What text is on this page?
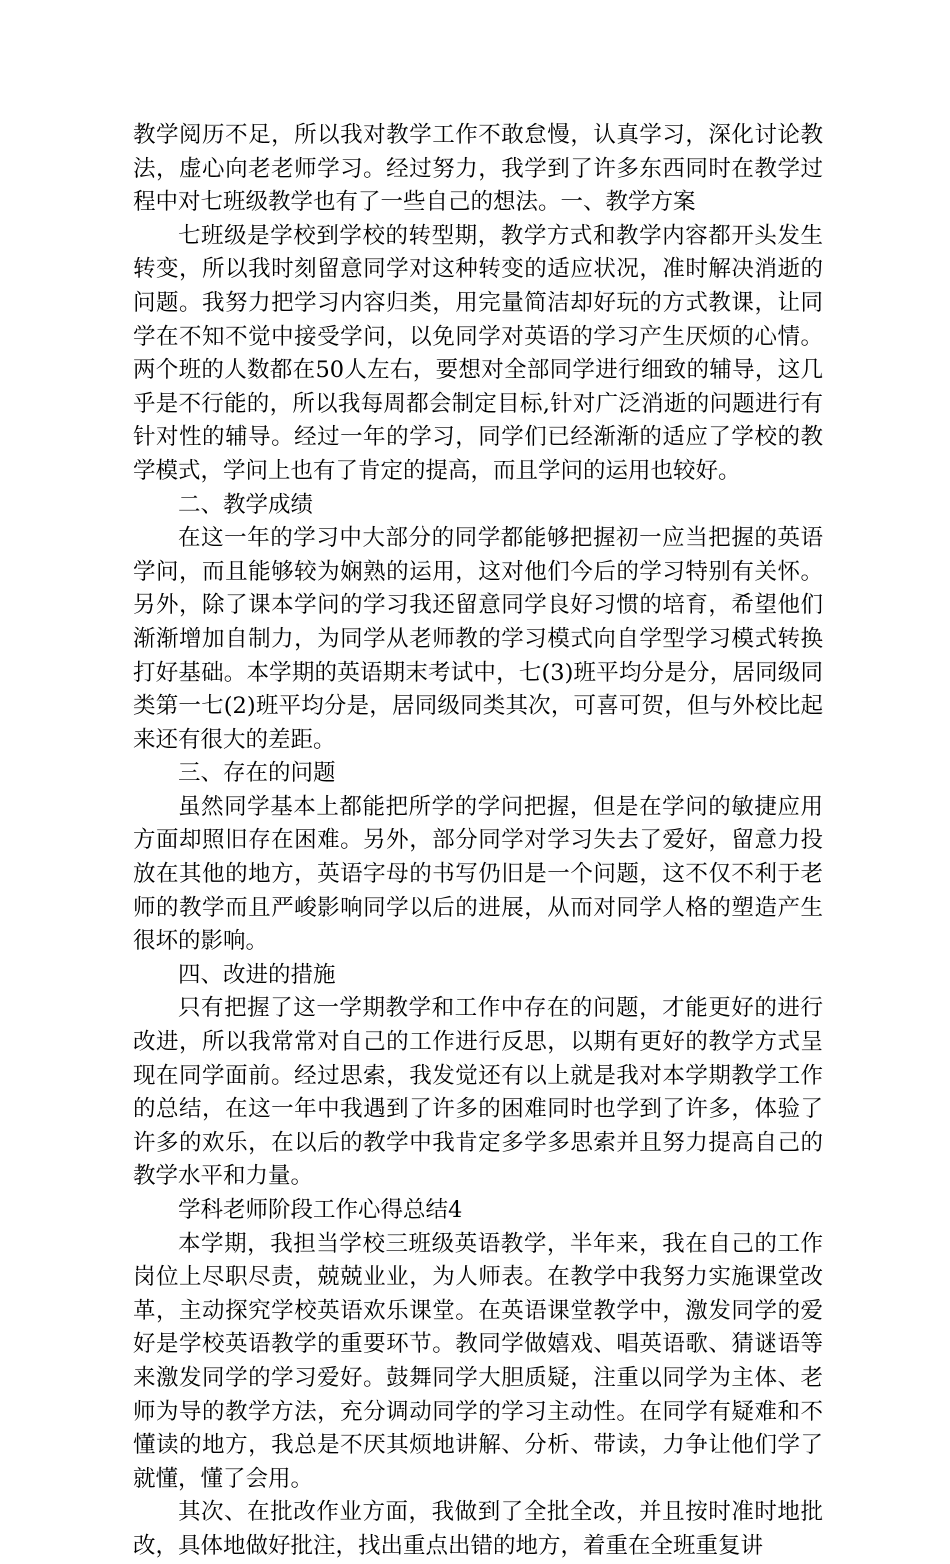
教学阅历不足，所以我对教学工作不敢怠慢，认真学习，深化讨论教法，虚心向老老师学习。经过努力，我学到了许多东西同时在教学过程中对七班级教学也有了一些自己的想法。一、教学方案

七班级是学校到学校的转型期，教学方式和教学内容都开头发生转变，所以我时刻留意同学对这种转变的适应状况，准时解决消逝的问题。我努力把学习内容归类，用完量简洁却好玩的方式教课，让同学在不知不觉中接受学问，以免同学对英语的学习产生厌烦的心情。两个班的人数都在50人左右，要想对全部同学进行细致的辅导，这几乎是不行能的，所以我每周都会制定目标,针对广泛消逝的问题进行有针对性的辅导。经过一年的学习，同学们已经渐渐的适应了学校的教学模式，学问上也有了肯定的提高，而且学问的运用也较好。

二、教学成绩

在这一年的学习中大部分的同学都能够把握初一应当把握的英语学问，而且能够较为娴熟的运用，这对他们今后的学习特别有关怀。另外，除了课本学问的学习我还留意同学良好习惯的培育，希望他们渐渐增加自制力，为同学从老师教的学习模式向自学型学习模式转换打好基础。本学期的英语期末考试中，七(3)班平均分是分，居同级同类第一七(2)班平均分是，居同级同类其次，可喜可贺，但与外校比起来还有很大的差距。

三、存在的问题

虽然同学基本上都能把所学的学问把握，但是在学问的敏捷应用方面却照旧存在困难。另外，部分同学对学习失去了爱好，留意力投放在其他的地方，英语字母的书写仍旧是一个问题，这不仅不利于老师的教学而且严峻影响同学以后的进展，从而对同学人格的塑造产生很坏的影响。

四、改进的措施

只有把握了这一学期教学和工作中存在的问题，才能更好的进行改进，所以我常常对自己的工作进行反思，以期有更好的教学方式呈现在同学面前。经过思索，我发觉还有以上就是我对本学期教学工作的总结，在这一年中我遇到了许多的困难同时也学到了许多，体验了许多的欢乐，在以后的教学中我肯定多学多思索并且努力提高自己的教学水平和力量。

学科老师阶段工作心得总结4

本学期，我担当学校三班级英语教学，半年来，我在自己的工作岗位上尽职尽责，兢兢业业，为人师表。在教学中我努力实施课堂改革，主动探究学校英语欢乐课堂。在英语课堂教学中，激发同学的爱好是学校英语教学的重要环节。教同学做嬉戏、唱英语歌、猜谜语等来激发同学的学习爱好。鼓舞同学大胆质疑，注重以同学为主体、老师为导的教学方法，充分调动同学的学习主动性。在同学有疑难和不懂读的地方，我总是不厌其烦地讲解、分析、带读，力争让他们学了就懂，懂了会用。

其次、在批改作业方面，我做到了全批全改，并且按时准时地批改，具体地做好批注，找出重点出错的地方，着重在全班重复讲
